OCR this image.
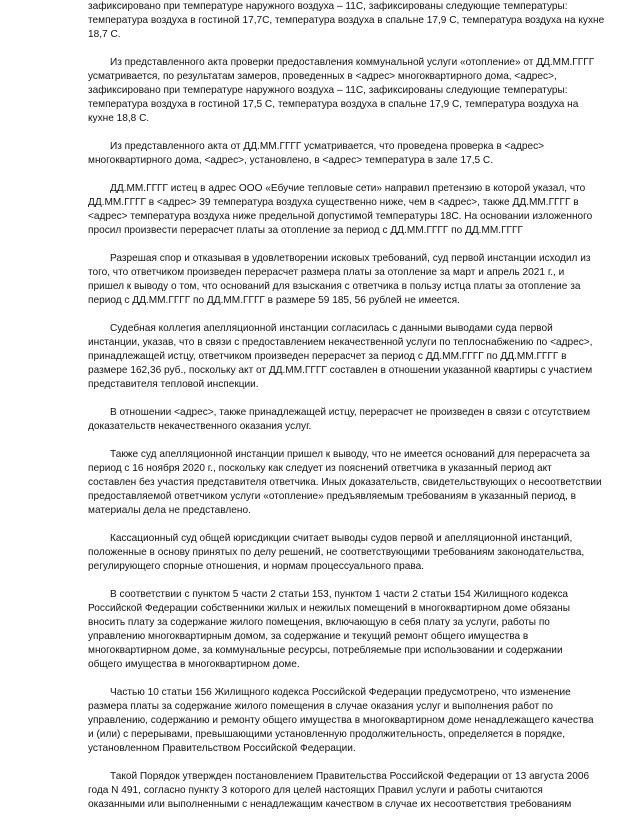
зафиксировано при температуре наружного воздуха – 11С, зафиксированы следующие температуры:
температура воздуха в гостиной 17,7С, температура воздуха в спальне 17,9 С, температура воздуха на кухне
18,7 С.
Из представленного акта проверки предоставления коммунальной услуги «отопление» от ДД.ММ.ГГГГ
усматривается, по результатам замеров, проведенных в <адрес> многоквартирного дома, <адрес>,
зафиксировано при температуре наружного воздуха – 11С, зафиксированы следующие температуры:
температура воздуха в гостиной 17,5 С, температура воздуха в спальне 17,9 С, температура воздуха на
кухне 18,8 С.
Из представленного акта от ДД.ММ.ГГГГ усматривается, что проведена проверка в <адрес>
многоквартирного дома, <адрес>, установлено, в <адрес> температура в зале 17,5 С.
ДД.ММ.ГГГГ истец в адрес ООО «Ебучие тепловые сети» направил претензию в которой указал, что
ДД.ММ.ГГГГ в <адрес> 39 температура воздуха существенно ниже, чем в <адрес>, также ДД.ММ.ГГГГ в
<адрес> температура воздуха ниже предельной допустимой температуры 18С. На основании изложенного
просил произвести перерасчет платы за отопление за период с ДД.ММ.ГГГГ по ДД.ММ.ГГГГ
Разрешая спор и отказывая в удовлетворении исковых требований, суд первой инстанции исходил из
того, что ответчиком произведен перерасчет размера платы за отопление за март и апрель 2021 г., и
пришел к выводу о том, что оснований для взыскания с ответчика в пользу истца платы за отопление за
период с ДД.ММ.ГГГГ по ДД.ММ.ГГГГ в размере 59 185, 56 рублей не имеется.
Судебная коллегия апелляционной инстанции согласилась с данными выводами суда первой
инстанции, указав, что в связи с предоставлением некачественной услуги по теплоснабжению по <адрес>,
принадлежащей истцу, ответчиком произведен перерасчет за период с ДД.ММ.ГГГГ по ДД.ММ.ГГГГ в
размере 162,36 руб., поскольку акт от ДД.ММ.ГГГГ составлен в отношении указанной квартиры с участием
представителя тепловой инспекции.
В отношении <адрес>, также принадлежащей истцу, перерасчет не произведен в связи с отсутствием
доказательств некачественного оказания услуг.
Также суд апелляционной инстанции пришел к выводу, что не имеется оснований для перерасчета за
период с 16 ноября 2020 г., поскольку как следует из пояснений ответчика в указанный период акт
составлен без участия представителя ответчика. Иных доказательств, свидетельствующих о несоответствии
предоставляемой ответчиком услуги «отопление» предъявляемым требованиям в указанный период, в
материалы дела не представлено.
Кассационный суд общей юрисдикции считает выводы судов первой и апелляционной инстанций,
положенные в основу принятых по делу решений, не соответствующими требованиям законодательства,
регулирующего спорные отношения, и нормам процессуального права.
В соответствии с пунктом 5 части 2 статьи 153, пунктом 1 части 2 статьи 154 Жилищного кодекса
Российской Федерации собственники жилых и нежилых помещений в многоквартирном доме обязаны
вносить плату за содержание жилого помещения, включающую в себя плату за услуги, работы по
управлению многоквартирным домом, за содержание и текущий ремонт общего имущества в
многоквартирном доме, за коммунальные ресурсы, потребляемые при использовании и содержании
общего имущества в многоквартирном доме.
Частью 10 статьи 156 Жилищного кодекса Российской Федерации предусмотрено, что изменение
размера платы за содержание жилого помещения в случае оказания услуг и выполнения работ по
управлению, содержанию и ремонту общего имущества в многоквартирном доме ненадлежащего качества
и (или) с перерывами, превышающими установленную продолжительность, определяется в порядке,
установленном Правительством Российской Федерации.
Такой Порядок утвержден постановлением Правительства Российской Федерации от 13 августа 2006
года N 491, согласно пункту 3 которого для целей настоящих Правил услуги и работы считаются
оказанными или выполненными с ненадлежащим качеством в случае их несоответствия требованиям
